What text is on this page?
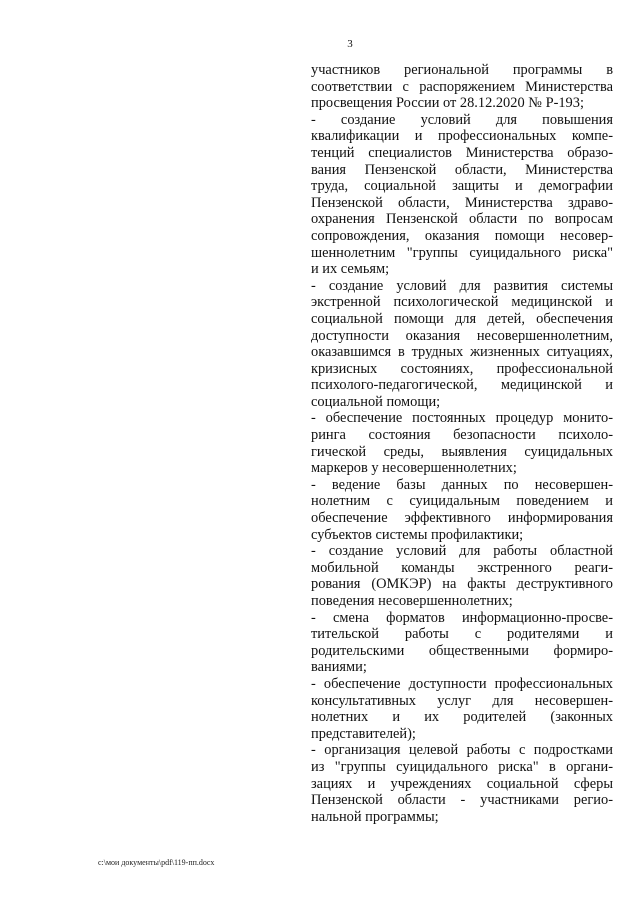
3
участников региональной программы в
соответствии с распоряжением Министерства
просвещения России от 28.12.2020 № Р-193;
- создание условий для повышения
квалификации и профессиональных компе-
тенций специалистов Министерства образо-
вания Пензенской области, Министерства
труда, социальной защиты и демографии
Пензенской области, Министерства здраво-
охранения Пензенской области по вопросам
сопровождения, оказания помощи несовер-
шеннолетним "группы суицидального риска"
и их семьям;
- создание условий для развития системы
экстренной психологической медицинской и
социальной помощи для детей, обеспечения
доступности оказания несовершеннолетним,
оказавшимся в трудных жизненных ситуациях,
кризисных состояниях, профессиональной
психолого-педагогической, медицинской и
социальной помощи;
- обеспечение постоянных процедур монито-
ринга состояния безопасности психоло-
гической среды, выявления суицидальных
маркеров у несовершеннолетних;
- ведение базы данных по несовершен-
нолетним с суицидальным поведением и
обеспечение эффективного информирования
субъектов системы профилактики;
- создание условий для работы областной
мобильной команды экстренного реаги-
рования (ОМКЭР) на факты деструктивного
поведения несовершеннолетних;
- смена форматов информационно-просве-
тительской работы с родителями и
родительскими общественными формиро-
ваниями;
- обеспечение доступности профессиональных
консультативных услуг для несовершен-
нолетних и их родителей (законных
представителей);
- организация целевой работы с подростками
из "группы суицидального риска" в органи-
зациях и учреждениях социальной сферы
Пензенской области - участниками регио-
нальной программы;
c:\мои документы\pdf\119-пп.docx
